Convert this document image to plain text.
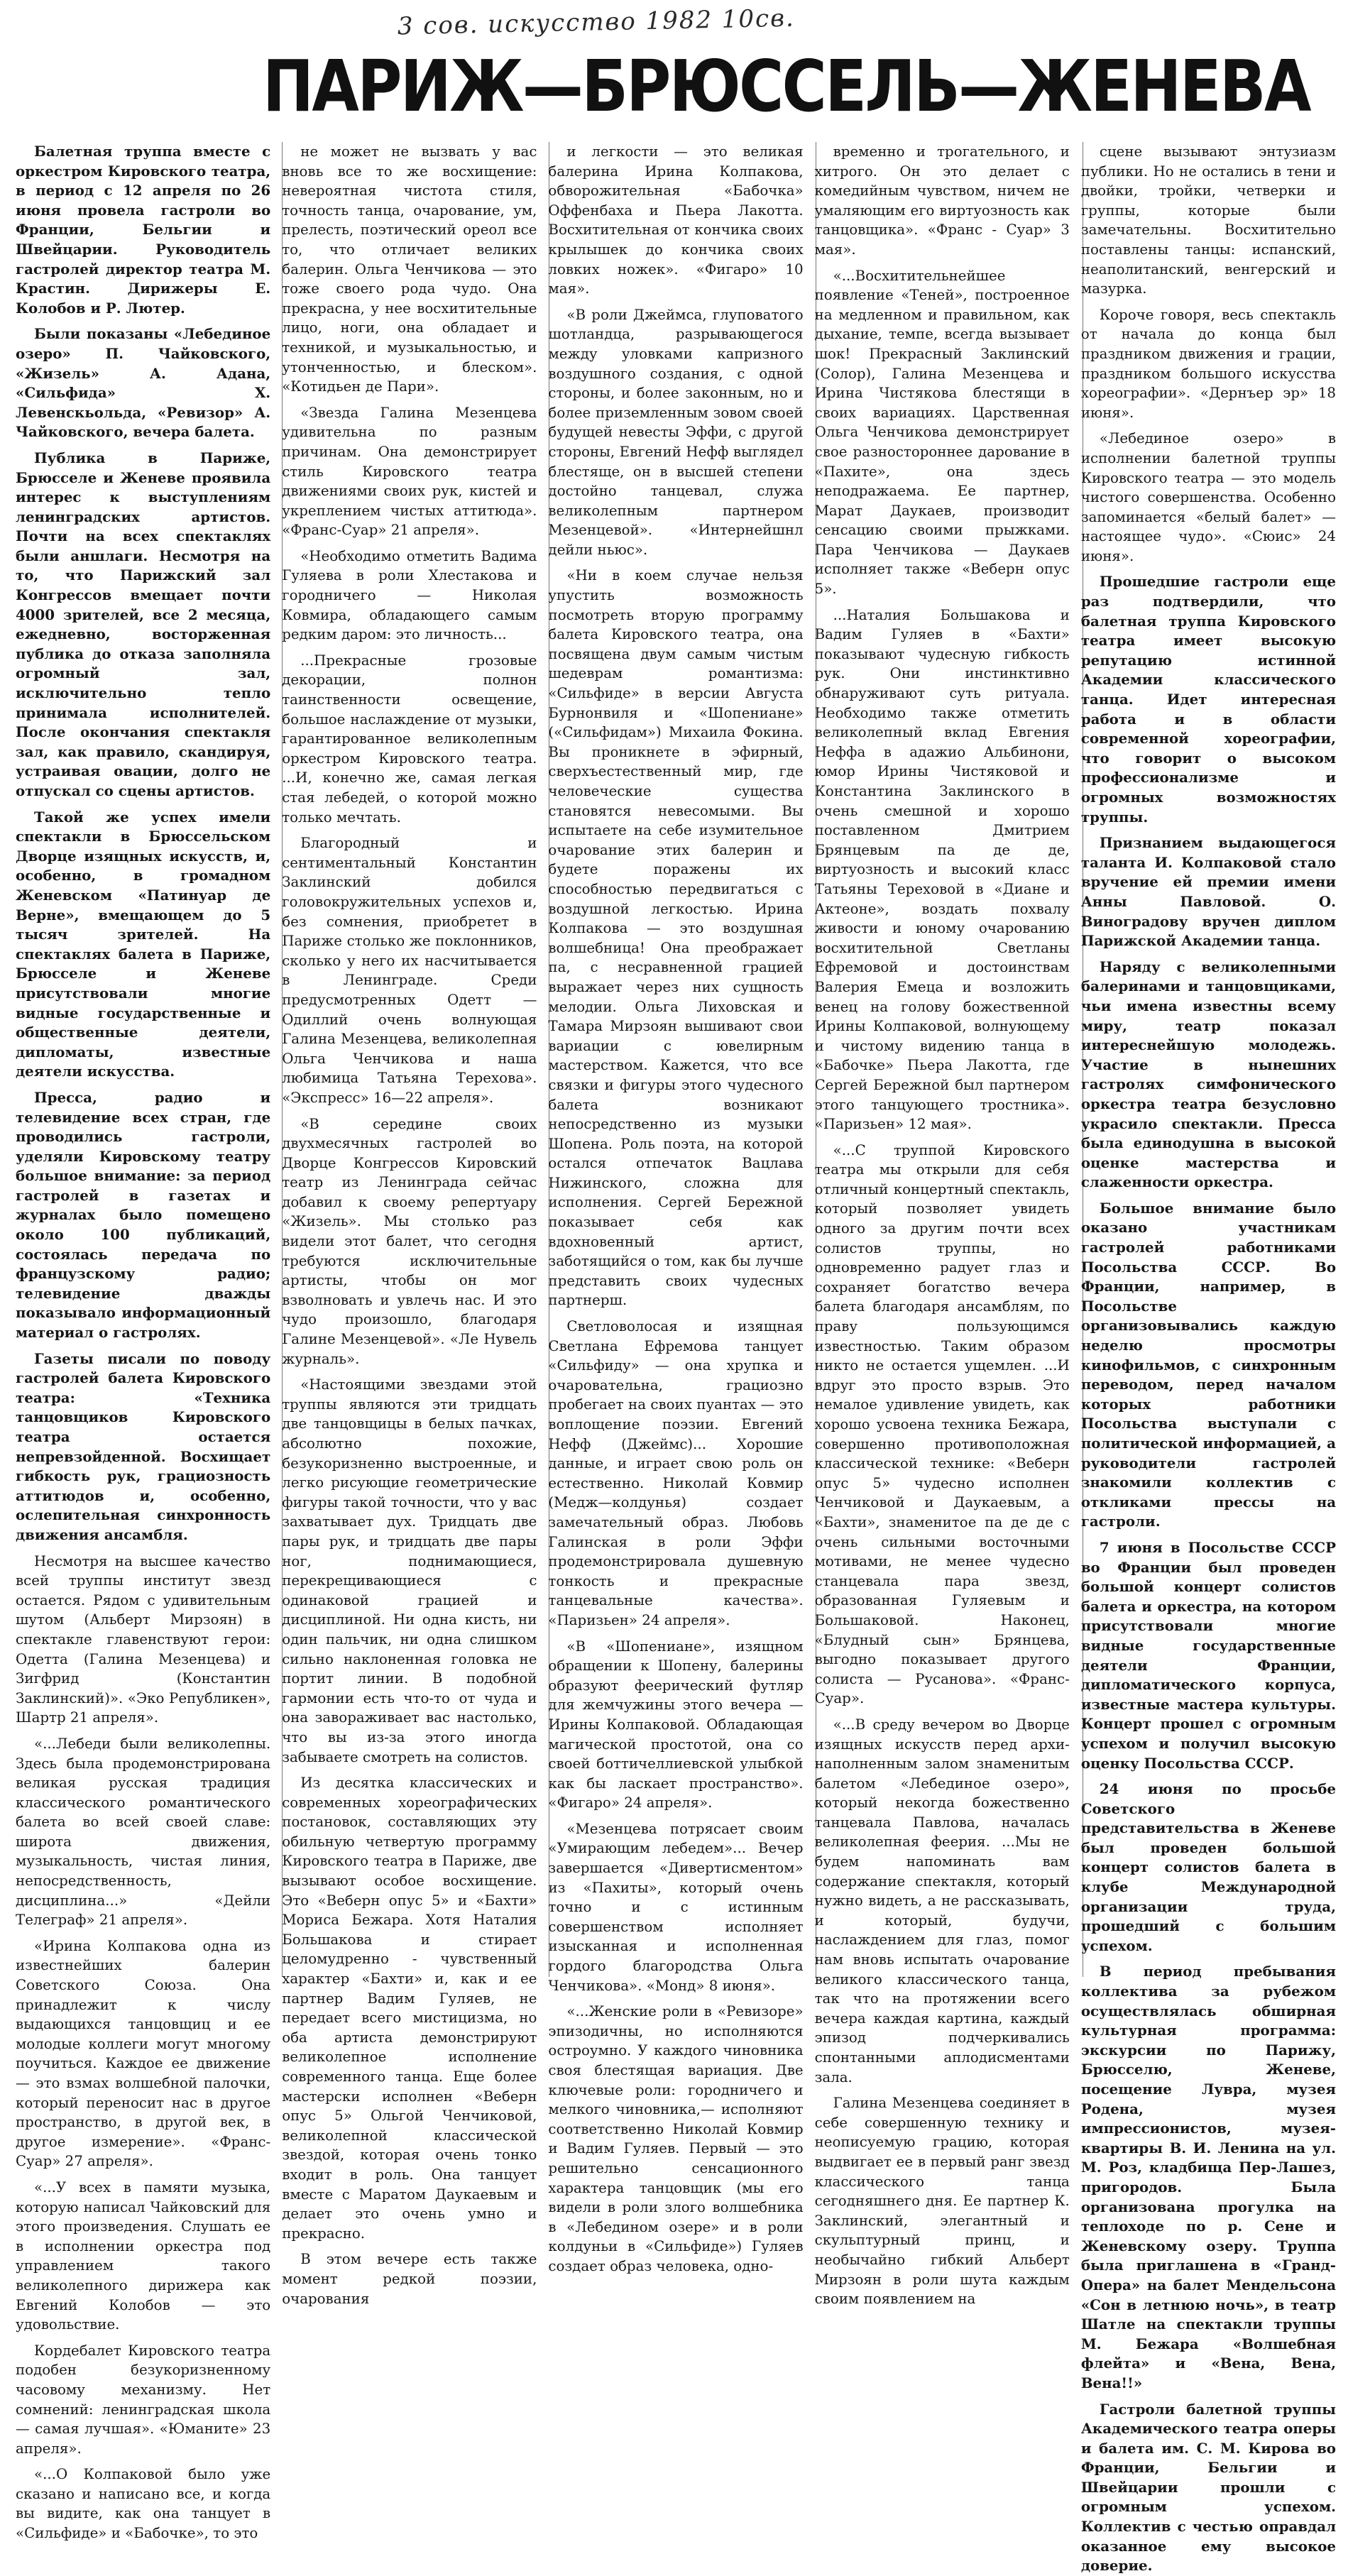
3 сов. искусство 1982 10св.
ПАРИЖ—БРЮССЕЛЬ—ЖЕНЕВА

Балетная труппа вместе с оркестром Кировского театра, в период с 12 апреля по 26 июня провела гастроли во Франции, Бельгии и Швейцарии. Руководитель гастролей директор театра М. Крастин. Дирижеры Е. Колобов и Р. Лютер.

Были показаны «Лебединое озеро» П. Чайковского, «Жизель» А. Адана, «Сильфида» Х. Левенскьольда, «Ревизор» А. Чайковского, вечера балета.

Публика в Париже, Брюсселе и Женеве проявила интерес к выступлениям ленинградских артистов. Почти на всех спектаклях были аншлаги. Несмотря на то, что Парижский зал Конгрессов вмещает почти 4000 зрителей, все 2 месяца, ежедневно, восторженная публика до отказа заполняла огромный зал, исключительно тепло принимала исполнителей. После окончания спектакля зал, как правило, скандируя, устраивая овации, долго не отпускал со сцены артистов.

Такой же успех имели спектакли в Брюссельском Дворце изящных искусств, и, особенно, в громадном Женевском «Патинуар де Верне», вмещающем до 5 тысяч зрителей. На спектаклях балета в Париже, Брюсселе и Женеве присутствовали многие видные государственные и общественные деятели, дипломаты, известные деятели искусства.

Пресса, радио и телевидение всех стран, где проводились гастроли, уделяли Кировскому театру большое внимание: за период гастролей в газетах и журналах было помещено около 100 публикаций, состоялась передача по французскому радио; телевидение дважды показывало информационный материал о гастролях.

Газеты писали по поводу гастролей балета Кировского театра: «Техника танцовщиков Кировского театра остается непревзойденной. Восхищает гибкость рук, грациозность аттитюдов и, особенно, ослепительная синхронность движения ансамбля.

Несмотря на высшее качество всей труппы институт звезд остается. Рядом с удивительным шутом (Альберт Мирзоян) в спектакле главенствуют герои: Одетта (Галина Мезенцева) и Зигфрид (Константин Заклинский)». «Эко Републикен», Шартр 21 апреля».

«...Лебеди были великолепны. Здесь была продемонстрирована великая русская традиция классического романтического балета во всей своей славе: широта движения, музыкальность, чистая линия, непосредственность, дисциплина...» «Дейли Телеграф» 21 апреля».

«Ирина Колпакова одна из известнейших балерин Советского Союза. Она принадлежит к числу выдающихся танцовщиц и ее молодые коллеги могут многому поучиться. Каждое ее движение — это взмах волшебной палочки, который переносит нас в другое пространство, в другой век, в другое измерение». «Франс-Суар» 27 апреля».

«...У всех в памяти музыка, которую написал Чайковский для этого произведения. Слушать ее в исполнении оркестра под управлением такого великолепного дирижера как Евгений Колобов — это удовольствие.

Кордебалет Кировского театра подобен безукоризненному часовому механизму. Нет сомнений: ленинградская школа — самая лучшая». «Юманите» 23 апреля».

«...О Колпаковой было уже сказано и написано все, и когда вы видите, как она танцует в «Сильфиде» и «Бабочке», то это

не может не вызвать у вас вновь все то же восхищение: невероятная чистота стиля, точность танца, очарование, ум, прелесть, поэтический ореол все то, что отличает великих балерин. Ольга Ченчикова — это тоже своего рода чудо. Она прекрасна, у нее восхитительные лицо, ноги, она обладает и техникой, и музыкальностью, и утонченностью, и блеском». «Котидьен де Пари».

«Звезда Галина Мезенцева удивительна по разным причинам. Она демонстрирует стиль Кировского театра движениями своих рук, кистей и укреплением чистых аттитюда». «Франс-Суар» 21 апреля».

«Необходимо отметить Вадима Гуляева в роли Хлестакова и городничего — Николая Ковмира, обладающего самым редким даром: это личность...

...Прекрасные грозовые декорации, полнон таинственности освещение, большое наслаждение от музыки, гарантированное великолепным оркестром Кировского театра. ...И, конечно же, самая легкая стая лебедей, о которой можно только мечтать.

Благородный и сентиментальный Константин Заклинский добился головокружительных успехов и, без сомнения, приобретет в Париже столько же поклонников, сколько у него их насчитывается в Ленинграде. Среди предусмотренных Одетт — Одиллий очень волнующая Галина Мезенцева, великолепная Ольга Ченчикова и наша любимица Татьяна Терехова». «Экспресс» 16—22 апреля».

«В середине своих двухмесячных гастролей во Дворце Конгрессов Кировский театр из Ленинграда сейчас добавил к своему репертуару «Жизель». Мы столько раз видели этот балет, что сегодня требуются исключительные артисты, чтобы он мог взволновать и увлечь нас. И это чудо произошло, благодаря Галине Мезенцевой». «Ле Нувель журналь».

«Настоящими звездами этой труппы являются эти тридцать две танцовщицы в белых пачках, абсолютно похожие, безукоризненно выстроенные, и легко рисующие геометрические фигуры такой точности, что у вас захватывает дух. Тридцать две пары рук, и тридцать две пары ног, поднимающиеся, перекрещивающиеся с одинаковой грацией и дисциплиной. Ни одна кисть, ни один пальчик, ни одна слишком сильно наклоненная головка не портит линии. В подобной гармонии есть что-то от чуда и она завораживает вас настолько, что вы из-за этого иногда забываете смотреть на солистов.

Из десятка классических и современных хореографических постановок, составляющих эту обильную четвертую программу Кировского театра в Париже, две вызывают особое восхищение. Это «Веберн опус 5» и «Бахти» Мориса Бежара. Хотя Наталия Большакова и стирает целомудренно - чувственный характер «Бахти» и, как и ее партнер Вадим Гуляев, не передает всего мистицизма, но оба артиста демонстрируют великолепное исполнение современного танца. Еще более мастерски исполнен «Веберн опус 5» Ольгой Ченчиковой, великолепной классической звездой, которая очень тонко входит в роль. Она танцует вместе с Маратом Даукаевым и делает это очень умно и прекрасно.

В этом вечере есть также момент редкой поэзии, очарования

и легкости — это великая балерина Ирина Колпакова, обворожительная «Бабочка» Оффенбаха и Пьера Лакотта. Восхитительная от кончика своих крылышек до кончика своих ловких ножек». «Фигаро» 10 мая».

«В роли Джеймса, глуповатого шотландца, разрывающегося между уловками капризного воздушного создания, с одной стороны, и более законным, но и более приземленным зовом своей будущей невесты Эффи, с другой стороны, Евгений Нефф выглядел блестяще, он в высшей степени достойно танцевал, служа великолепным партнером Мезенцевой». «Интернейшнл дейли ньюс».

«Ни в коем случае нельзя упустить возможность посмотреть вторую программу балета Кировского театра, она посвящена двум самым чистым шедеврам романтизма: «Сильфиде» в версии Августа Бурнонвиля и «Шопениане» («Сильфидам») Михаила Фокина. Вы проникнете в эфирный, сверхъестественный мир, где человеческие существа становятся невесомыми. Вы испытаете на себе изумительное очарование этих балерин и будете поражены их способностью передвигаться с воздушной легкостью. Ирина Колпакова — это воздушная волшебница! Она преображает па, с несравненной грацией выражает через них сущность мелодии. Ольга Лиховская и Тамара Мирзоян вышивают свои вариации с ювелирным мастерством. Кажется, что все связки и фигуры этого чудесного балета возникают непосредственно из музыки Шопена. Роль поэта, на которой остался отпечаток Вацлава Нижинского, сложна для исполнения. Сергей Бережной показывает себя как вдохновенный артист, заботящийся о том, как бы лучше представить своих чудесных партнерш.

Светловолосая и изящная Светлана Ефремова танцует «Сильфиду» — она хрупка и очаровательна, грациозно пробегает на своих пуантах — это воплощение поэзии. Евгений Нефф (Джеймс)... Хорошие данные, и играет свою роль он естественно. Николай Ковмир (Медж—колдунья) создает замечательный образ. Любовь Галинская в роли Эффи продемонстрировала душевную тонкость и прекрасные танцевальные качества». «Паризьен» 24 апреля».

«В «Шопениане», изящном обращении к Шопену, балерины образуют феерический футляр для жемчужины этого вечера — Ирины Колпаковой. Обладающая магической простотой, она со своей боттичеллиевской улыбкой как бы ласкает пространство». «Фигаро» 24 апреля».

«Мезенцева потрясает своим «Умирающим лебедем»... Вечер завершается «Дивертисментом» из «Пахиты», который очень точно и с истинным совершенством исполняет изысканная и исполненная гордого благородства Ольга Ченчикова». «Монд» 8 июня».

«...Женские роли в «Ревизоре» эпизодичны, но исполняются остроумно. У каждого чиновника своя блестящая вариация. Две ключевые роли: городничего и мелкого чиновника,— исполняют соответственно Николай Ковмир и Вадим Гуляев. Первый — это решительно сенсационного характера танцовщик (мы его видели в роли злого волшебника в «Лебедином озере» и в роли колдуньи в «Сильфиде») Гуляев создает образ человека, одно-

временно и трогательного, и хитрого. Он это делает с комедийным чувством, ничем не умаляющим его виртуозность как танцовщика». «Франс - Суар» 3 мая».

«...Восхитительнейшее появление «Теней», построенное на медленном и правильном, как дыхание, темпе, всегда вызывает шок! Прекрасный Заклинский (Солор), Галина Мезенцева и Ирина Чистякова блестящи в своих вариациях. Царственная Ольга Ченчикова демонстрирует свое разностороннее дарование в «Пахите», она здесь неподражаема. Ее партнер, Марат Даукаев, производит сенсацию своими прыжками. Пара Ченчикова — Даукаев исполняет также «Веберн опус 5».

...Наталия Большакова и Вадим Гуляев в «Бахти» показывают чудесную гибкость рук. Они инстинктивно обнаруживают суть ритуала. Необходимо также отметить великолепный вклад Евгения Неффа в адажио Альбинони, юмор Ирины Чистяковой и Константина Заклинского в очень смешной и хорошо поставленном Дмитрием Брянцевым па де де, виртуозность и высокий класс Татьяны Тереховой в «Диане и Актеоне», воздать похвалу живости и юному очарованию восхитительной Светланы Ефремовой и достоинствам Валерия Емеца и возложить венец на голову божественной Ирины Колпаковой, волнующему и чистому видению танца в «Бабочке» Пьера Лакотта, где Сергей Бережной был партнером этого танцующего тростника». «Паризьен» 12 мая».

«...С труппой Кировского театра мы открыли для себя отличный концертный спектакль, который позволяет увидеть одного за другим почти всех солистов труппы, но одновременно радует глаз и сохраняет богатство вечера балета благодаря ансамблям, по праву пользующимся известностью. Таким образом никто не остается ущемлен. ...И вдруг это просто взрыв. Это немалое удивление увидеть, как хорошо усвоена техника Бежара, совершенно противоположная классической технике: «Веберн опус 5» чудесно исполнен Ченчиковой и Даукаевым, а «Бахти», знаменитое па де де с очень сильными восточными мотивами, не менее чудесно станцевала пара звезд, образованная Гуляевым и Большаковой. Наконец, «Блудный сын» Брянцева, выгодно показывает другого солиста — Русанова». «Франс-Суар».

«...В среду вечером во Дворце изящных искусств перед архи-наполненным залом знаменитым балетом «Лебединое озеро», который некогда божественно танцевала Павлова, началась великолепная феерия. ...Мы не будем напоминать вам содержание спектакля, который нужно видеть, а не рассказывать, и который, будучи, наслаждением для глаз, помог нам вновь испытать очарование великого классического танца, так что на протяжении всего вечера каждая картина, каждый эпизод подчеркивались спонтанными аплодисментами зала.

Галина Мезенцева соединяет в себе совершенную технику и неописуемую грацию, которая выдвигает ее в первый ранг звезд классического танца сегодняшнего дня. Ее партнер К. Заклинский, элегантный и скульптурный принц, и необычайно гибкий Альберт Мирзоян в роли шута каждым своим появлением на

сцене вызывают энтузиазм публики. Но не остались в тени и двойки, тройки, четверки и группы, которые были замечательны. Восхитительно поставлены танцы: испанский, неаполитанский, венгерский и мазурка.

Короче говоря, весь спектакль от начала до конца был праздником движения и грации, праздником большого искусства хореографии». «Дернъер эр» 18 июня».

«Лебединое озеро» в исполнении балетной труппы Кировского театра — это модель чистого совершенства. Особенно запоминается «белый балет» — настоящее чудо». «Сюис» 24 июня».

Прошедшие гастроли еще раз подтвердили, что балетная труппа Кировского театра имеет высокую репутацию истинной Академии классического танца. Идет интересная работа и в области современной хореографии, что говорит о высоком профессионализме и огромных возможностях труппы.

Признанием выдающегося таланта И. Колпаковой стало вручение ей премии имени Анны Павловой. О. Виноградову вручен диплом Парижской Академии танца.

Наряду с великолепными балеринами и танцовщиками, чьи имена известны всему миру, театр показал интереснейшую молодежь. Участие в нынешних гастролях симфонического оркестра театра безусловно украсило спектакли. Пресса была единодушна в высокой оценке мастерства и слаженности оркестра.

Большое внимание было оказано участникам гастролей работниками Посольства СССР. Во Франции, например, в Посольстве организовывались каждую неделю просмотры кинофильмов, с синхронным переводом, перед началом которых работники Посольства выступали с политической информацией, а руководители гастролей знакомили коллектив с откликами прессы на гастроли.

7 июня в Посольстве СССР во Франции был проведен большой концерт солистов балета и оркестра, на котором присутствовали многие видные государственные деятели Франции, дипломатического корпуса, известные мастера культуры. Концерт прошел с огромным успехом и получил высокую оценку Посольства СССР.

24 июня по просьбе Советского представительства в Женеве был проведен большой концерт солистов балета в клубе Международной организации труда, прошедший с большим успехом.

В период пребывания коллектива за рубежом осуществлялась обширная культурная программа: экскурсии по Парижу, Брюсселю, Женеве, посещение Лувра, музея Родена, музея импрессионистов, музея-квартиры В. И. Ленина на ул. М. Роз, кладбища Пер-Лашез, пригородов. Была организована прогулка на теплоходе по р. Сене и Женевскому озеру. Труппа была приглашена в «Гранд-Опера» на балет Мендельсона «Сон в летнюю ночь», в театр Шатле на спектакли труппы М. Бежара «Волшебная флейта» и «Вена, Вена, Вена!!»

Гастроли балетной труппы Академического театра оперы и балета им. С. М. Кирова во Франции, Бельгии и Швейцарии прошли с огромным успехом. Коллектив с честью оправдал оказанное ему высокое доверие.
